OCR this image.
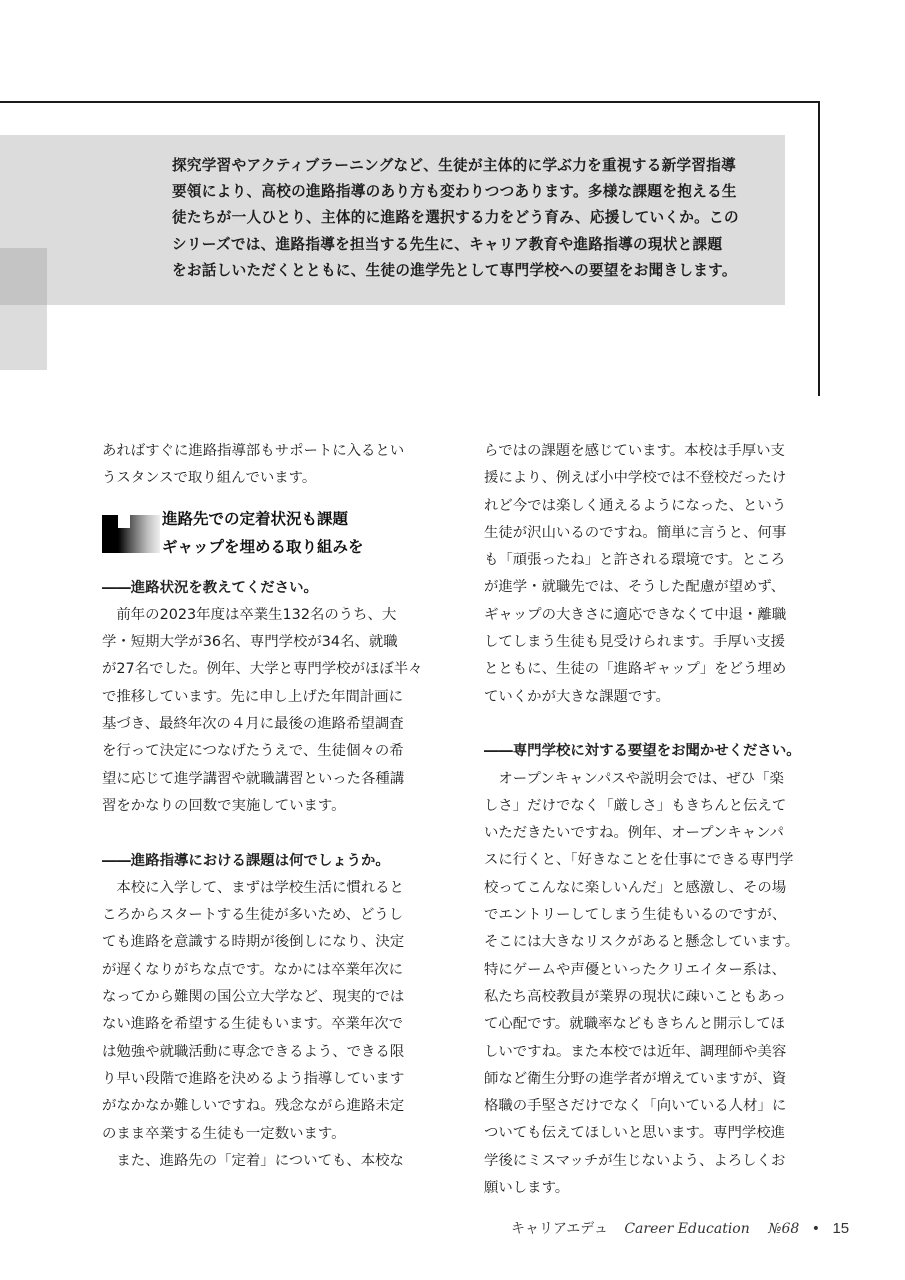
探究学習やアクティブラーニングなど、生徒が主体的に学ぶ力を重視する新学習指導

要領により、高校の進路指導のあり方も変わりつつあります。多様な課題を抱える生

徒たちが一人ひとり、主体的に進路を選択する力をどう育み、応援していくか。この

シリーズでは、進路指導を担当する先生に、キャリア教育や進路指導の現状と課題

をお話しいただくとともに、生徒の進学先として専門学校への要望をお聞きします。

あればすぐに進路指導部もサポートに入るとい

うスタンスで取り組んでいます。

進路先での定着状況も課題

ギャップを埋める取り組みを

――進路状況を教えてください。

　前年の2023年度は卒業生132名のうち、大

学・短期大学が36名、専門学校が34名、就職

が27名でした。例年、大学と専門学校がほぼ半々

で推移しています。先に申し上げた年間計画に

基づき、最終年次の４月に最後の進路希望調査

を行って決定につなげたうえで、生徒個々の希

望に応じて進学講習や就職講習といった各種講

習をかなりの回数で実施しています。

――進路指導における課題は何でしょうか。

　本校に入学して、まずは学校生活に慣れると

ころからスタートする生徒が多いため、どうし

ても進路を意識する時期が後倒しになり、決定

が遅くなりがちな点です。なかには卒業年次に

なってから難関の国公立大学など、現実的では

ない進路を希望する生徒もいます。卒業年次で

は勉強や就職活動に専念できるよう、できる限

り早い段階で進路を決めるよう指導しています

がなかなか難しいですね。残念ながら進路未定

のまま卒業する生徒も一定数います。

　また、進路先の「定着」についても、本校な

らではの課題を感じています。本校は手厚い支

援により、例えば小中学校では不登校だったけ

れど今では楽しく通えるようになった、という

生徒が沢山いるのですね。簡単に言うと、何事

も「頑張ったね」と許される環境です。ところ

が進学・就職先では、そうした配慮が望めず、

ギャップの大きさに適応できなくて中退・離職

してしまう生徒も見受けられます。手厚い支援

とともに、生徒の「進路ギャップ」をどう埋め

ていくかが大きな課題です。

――専門学校に対する要望をお聞かせください。

　オープンキャンパスや説明会では、ぜひ「楽

しさ」だけでなく「厳しさ」もきちんと伝えて

いただきたいですね。例年、オープンキャンパ

スに行くと、「好きなことを仕事にできる専門学

校ってこんなに楽しいんだ」と感激し、その場

でエントリーしてしまう生徒もいるのですが、

そこには大きなリスクがあると懸念しています。

特にゲームや声優といったクリエイター系は、

私たち高校教員が業界の現状に疎いこともあっ

て心配です。就職率などもきちんと開示してほ

しいですね。また本校では近年、調理師や美容

師など衛生分野の進学者が増えていますが、資

格職の手堅さだけでなく「向いている人材」に

ついても伝えてほしいと思います。専門学校進

学後にミスマッチが生じないよう、よろしくお

願いします。

キャリアエデュ Career Education №68 • 15
